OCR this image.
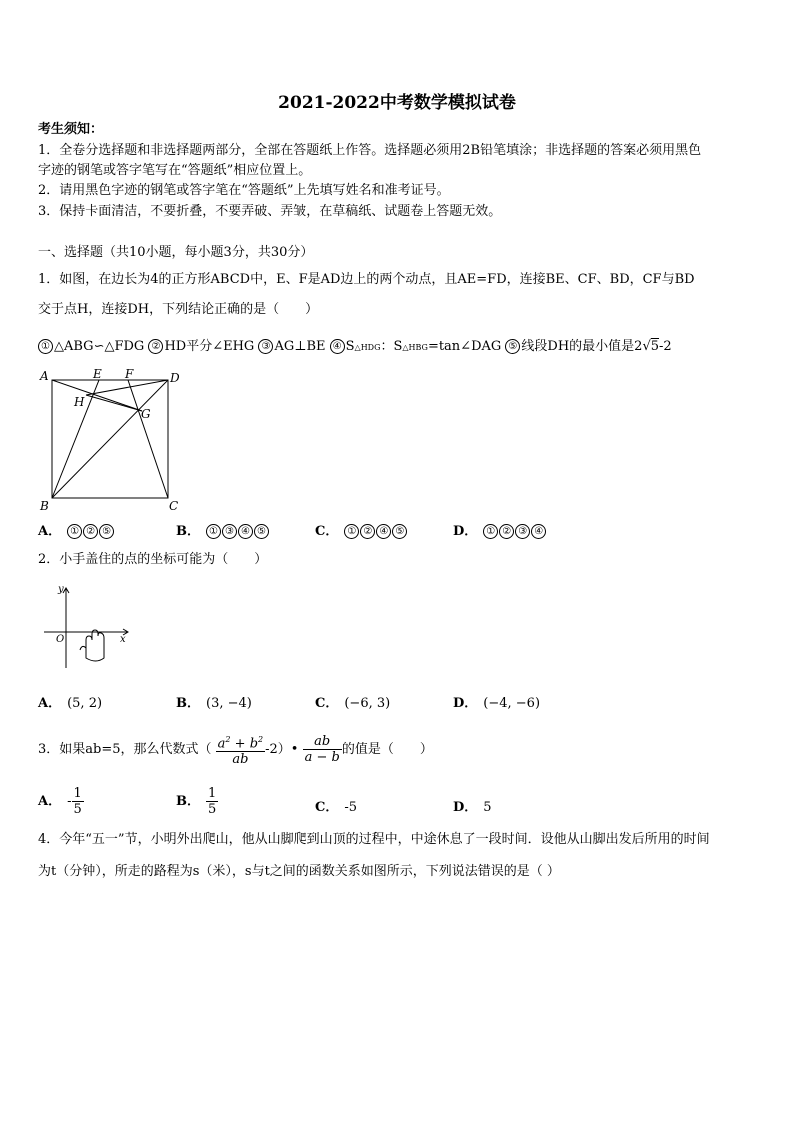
2021-2022中考数学模拟试卷
考生须知：
1．全卷分选择题和非选择题两部分，全部在答题纸上作答。选择题必须用2B铅笔填涂；非选择题的答案必须用黑色
字迹的钢笔或答字笔写在“答题纸”相应位置上。
2．请用黑色字迹的钢笔或答字笔在“答题纸”上先填写姓名和准考证号。
3．保持卡面清洁，不要折叠，不要弄破、弄皱，在草稿纸、试题卷上答题无效。
一、选择题（共10小题，每小题3分，共30分）
1．如图，在边长为4的正方形ABCD中，E、F是AD边上的两个动点，且AE=FD，连接BE、CF、BD，CF与BD
交于点H，连接DH，下列结论正确的是（　　）
① △ABG∽△FDG ② HD平分∠EHG ③ AG⊥BE ④ S△HDG：S△HBG=tan∠DAG ⑤ 线段DH的最小值是2√5-2
A	E F	D
H
G
B	C
A． ① ② ⑤	B． ① ③ ④ ⑤	C． ① ② ④ ⑤	D． ① ② ③ ④
2．小手盖住的点的坐标可能为（　　）
y
x
O
A． (5, 2)	B． (3, −4)	C． (−6, 3)	D． (−4, −6)
3．如果ab=5，那么代数式（ $\frac{a^2 + b^2}{ab}$ -2）• $\frac{ab}{a - b}$ 的值是（　　）
A． - $\frac{1}{5}$	B． $\frac{1}{5}$	C． -5	D． 5
4．今年“五一”节，小明外出爬山，他从山脚爬到山顶的过程中，中途休息了一段时间．设他从山脚出发后所用的时间
为t（分钟），所走的路程为s（米），s与t之间的函数关系如图所示，下列说法错误的是（ ）
